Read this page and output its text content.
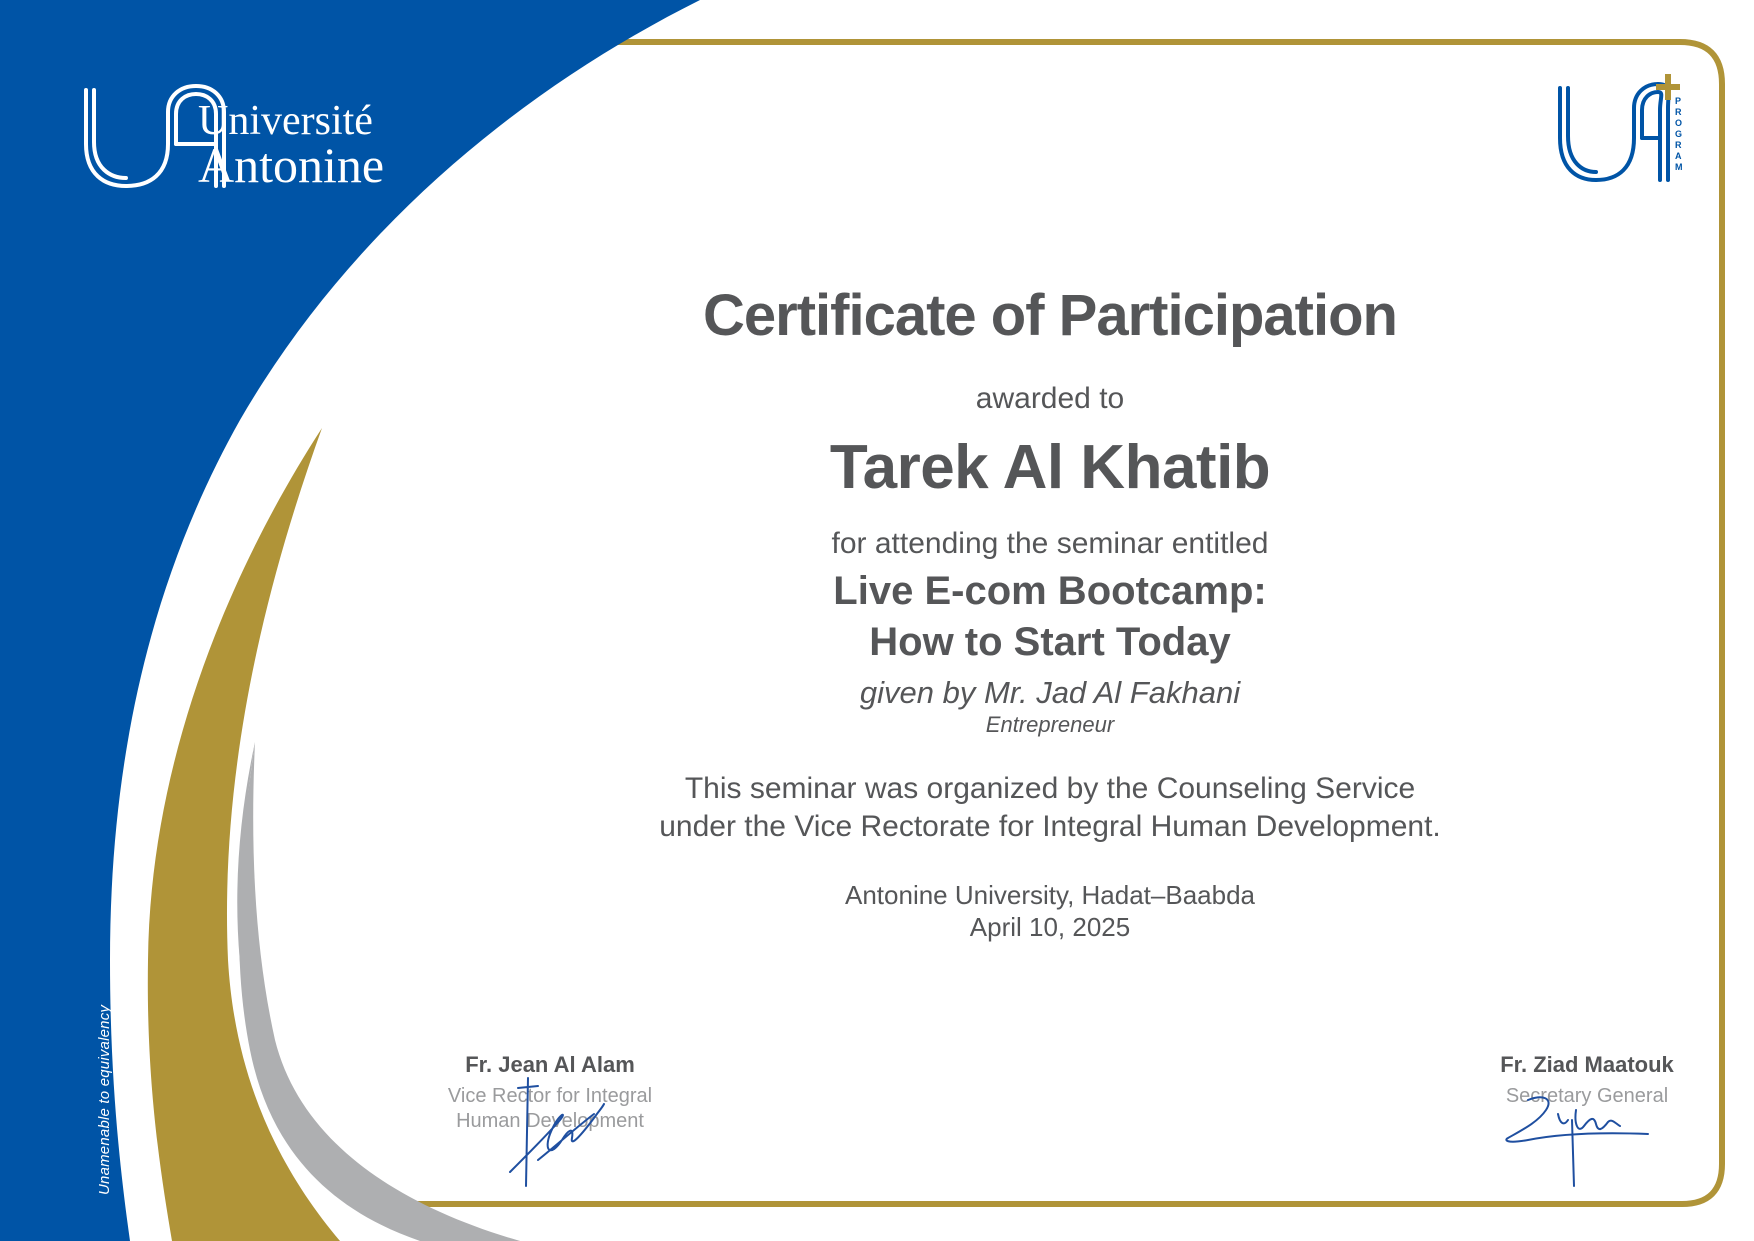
Université
Antonine
P R O G R A M
Unamenable to equivalency
Certificate of Participation
awarded to
Tarek Al Khatib
for attending the seminar entitled
Live E-com Bootcamp:
How to Start Today
given by Mr. Jad Al Fakhani
Entrepreneur
This seminar was organized by the Counseling Service
under the Vice Rectorate for Integral Human Development.
Antonine University, Hadat–Baabda
April 10, 2025
Fr. Jean Al Alam
Vice Rector for Integral
Human Development
Fr. Ziad Maatouk
Secretary General
